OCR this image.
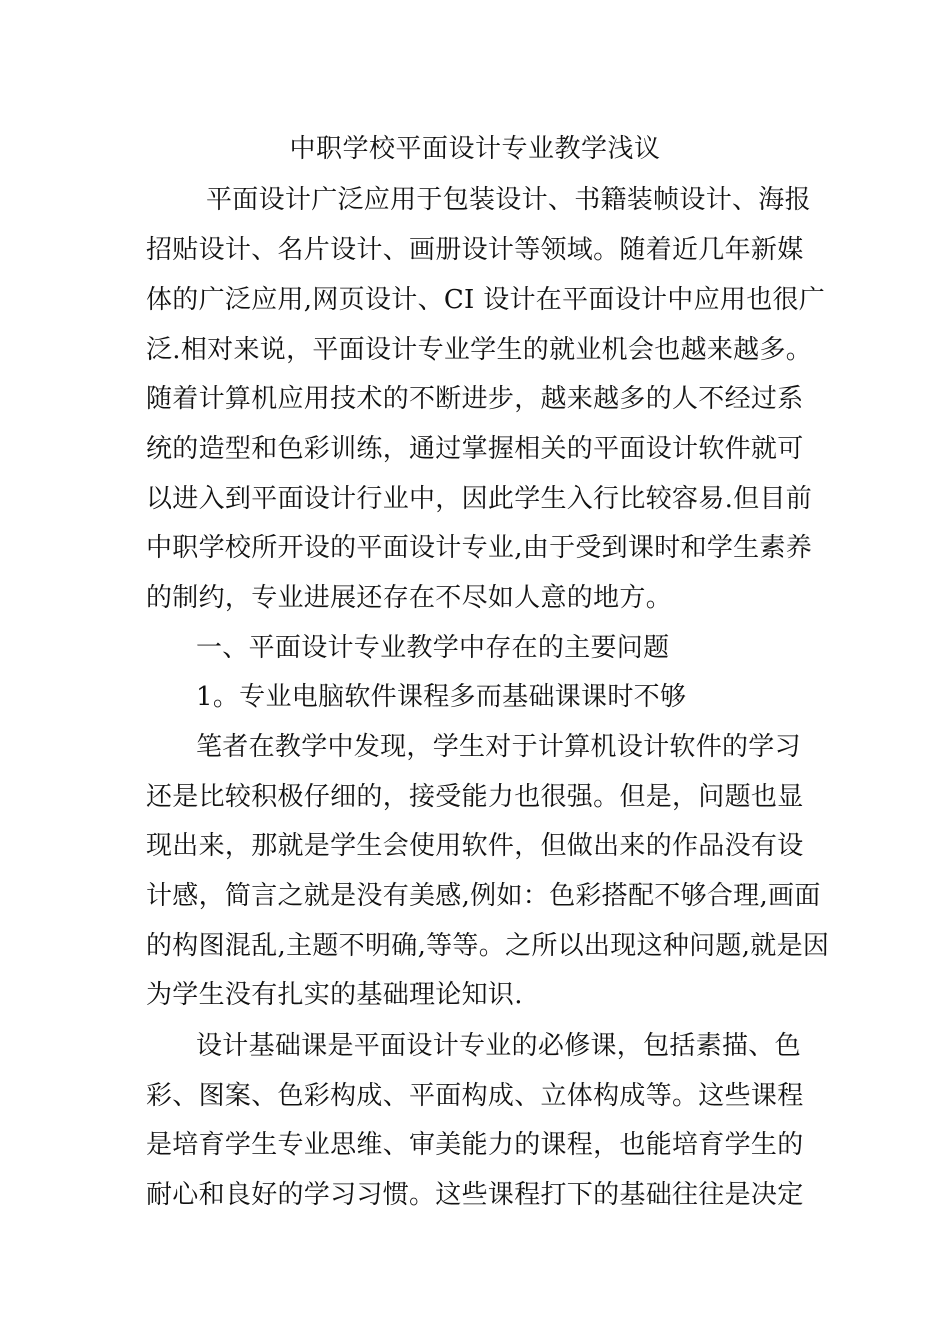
中职学校平面设计专业教学浅议
平面设计广泛应用于包装设计、书籍装帧设计、海报
招贴设计、名片设计、画册设计等领域。随着近几年新媒
体的广泛应用,网页设计、CI 设计在平面设计中应用也很广
泛.相对来说，平面设计专业学生的就业机会也越来越多。
随着计算机应用技术的不断进步，越来越多的人不经过系
统的造型和色彩训练，通过掌握相关的平面设计软件就可
以进入到平面设计行业中，因此学生入行比较容易.但目前
中职学校所开设的平面设计专业,由于受到课时和学生素养
的制约，专业进展还存在不尽如人意的地方。
一、平面设计专业教学中存在的主要问题
1。专业电脑软件课程多而基础课课时不够
笔者在教学中发现，学生对于计算机设计软件的学习
还是比较积极仔细的，接受能力也很强。但是，问题也显
现出来，那就是学生会使用软件，但做出来的作品没有设
计感，简言之就是没有美感,例如：色彩搭配不够合理,画面
的构图混乱,主题不明确,等等。之所以出现这种问题,就是因
为学生没有扎实的基础理论知识.
设计基础课是平面设计专业的必修课，包括素描、色
彩、图案、色彩构成、平面构成、立体构成等。这些课程
是培育学生专业思维、审美能力的课程，也能培育学生的
耐心和良好的学习习惯。这些课程打下的基础往往是决定
